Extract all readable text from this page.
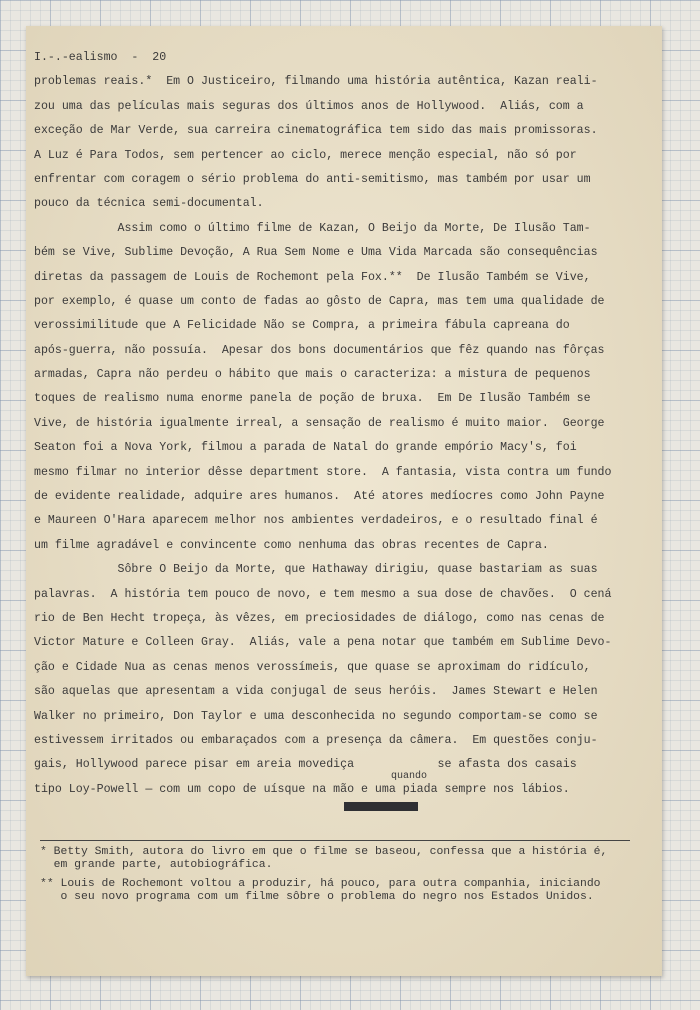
I.-.-ealismo  -  20
problemas reais.*  Em O Justiceiro, filmando uma história autêntica, Kazan reali-
zou uma das películas mais seguras dos últimos anos de Hollywood.  Aliás, com a
exceção de Mar Verde, sua carreira cinematográfica tem sido das mais promissoras.
A Luz é Para Todos, sem pertencer ao ciclo, merece menção especial, não só por
enfrentar com coragem o sério problema do anti-semitismo, mas também por usar um
pouco da técnica semi-documental.
Assim como o último filme de Kazan, O Beijo da Morte, De Ilusão Tam-
bém se Vive, Sublime Devoção, A Rua Sem Nome e Uma Vida Marcada são consequências
diretas da passagem de Louis de Rochemont pela Fox.**  De Ilusão Também se Vive,
por exemplo, é quase um conto de fadas ao gôsto de Capra, mas tem uma qualidade de
verossimilitude que A Felicidade Não se Compra, a primeira fábula capreana do
após-guerra, não possuía.  Apesar dos bons documentários que fêz quando nas fôrças
armadas, Capra não perdeu o hábito que mais o caracteriza: a mistura de pequenos
toques de realismo numa enorme panela de poção de bruxa.  Em De Ilusão Também se
Vive, de história igualmente irreal, a sensação de realismo é muito maior.  George
Seaton foi a Nova York, filmou a parada de Natal do grande empório Macy's, foi
mesmo filmar no interior dêsse department store.  A fantasia, vista contra um fundo
de evidente realidade, adquire ares humanos.  Até atores medíocres como John Payne
e Maureen O'Hara aparecem melhor nos ambientes verdadeiros, e o resultado final é
um filme agradável e convincente como nenhuma das obras recentes de Capra.
Sôbre O Beijo da Morte, que Hathaway dirigiu, quase bastariam as suas
palavras.  A história tem pouco de novo, e tem mesmo a sua dose de chavões.  O cená
rio de Ben Hecht tropeça, às vêzes, em preciosidades de diálogo, como nas cenas de
Victor Mature e Colleen Gray.  Aliás, vale a pena notar que também em Sublime Devo-
ção e Cidade Nua as cenas menos verossímeis, que quase se aproximam do ridículo,
são aquelas que apresentam a vida conjugal de seus heróis.  James Stewart e Helen
Walker no primeiro, Don Taylor e uma desconhecida no segundo comportam-se como se
estivessem irritados ou embaraçados com a presença da câmera.  Em questões conju-
gais, Hollywood parece pisar em areia movediça            se afasta dos casais
tipo Loy-Powell — com um copo de uísque na mão e uma piada sempre nos lábios.
quando
* Betty Smith, autora do livro em que o filme se baseou, confessa que a história é,
em grande parte, autobiográfica.
** Louis de Rochemont voltou a produzir, há pouco, para outra companhia, iniciando
o seu novo programa com um filme sôbre o problema do negro nos Estados Unidos.
